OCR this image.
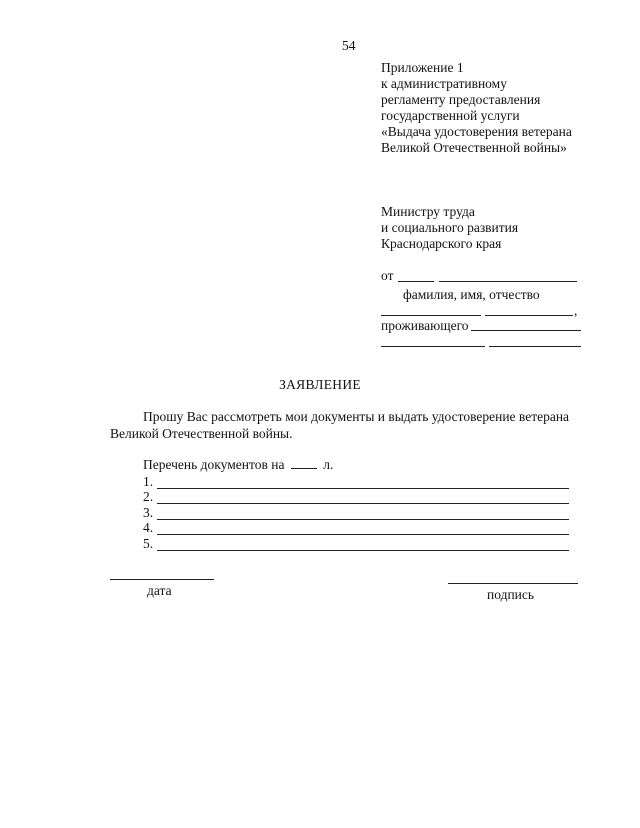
54
Приложение 1
к административному
регламенту предоставления
государственной услуги
«Выдача удостоверения ветерана
Великой Отечественной войны»
Министру труда
и социального развития
Краснодарского края
от
фамилия, имя, отчество
,
проживающего
ЗАЯВЛЕНИЕ
Прошу Вас рассмотреть мои документы и выдать удостоверение ветерана
Великой Отечественной войны.
Перечень документов на	л.
1.
2.
3.
4.
5.
дата	подпись
